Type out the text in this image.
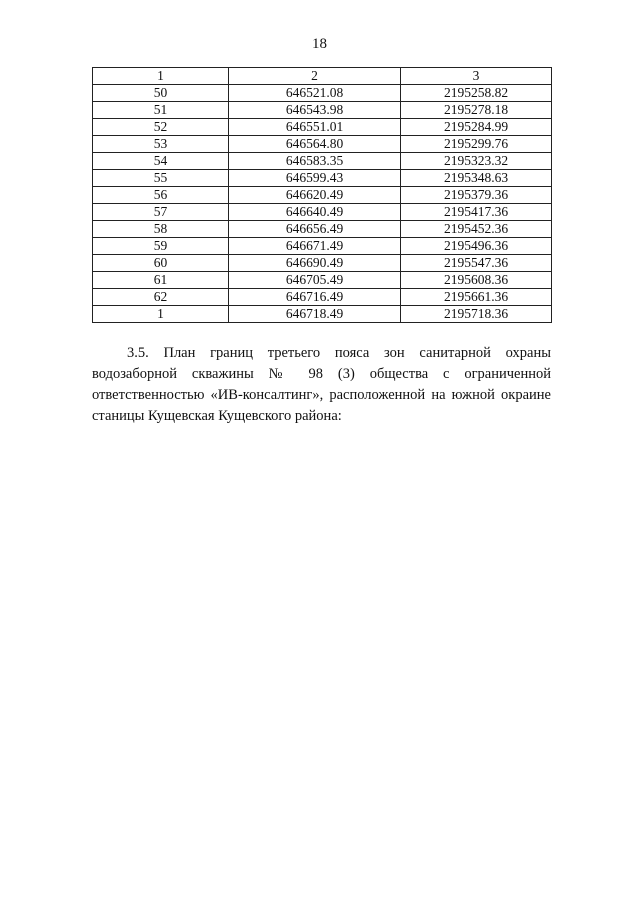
18
1	2	3
50	646521.08	2195258.82
51	646543.98	2195278.18
52	646551.01	2195284.99
53	646564.80	2195299.76
54	646583.35	2195323.32
55	646599.43	2195348.63
56	646620.49	2195379.36
57	646640.49	2195417.36
58	646656.49	2195452.36
59	646671.49	2195496.36
60	646690.49	2195547.36
61	646705.49	2195608.36
62	646716.49	2195661.36
1	646718.49	2195718.36

3.5. План границ третьего пояса зон санитарной охраны водозаборной скважины № 98 (3) общества с ограниченной ответственностью «ИВ-консалтинг», расположенной на южной окраине станицы Кущевская Кущевского района:
